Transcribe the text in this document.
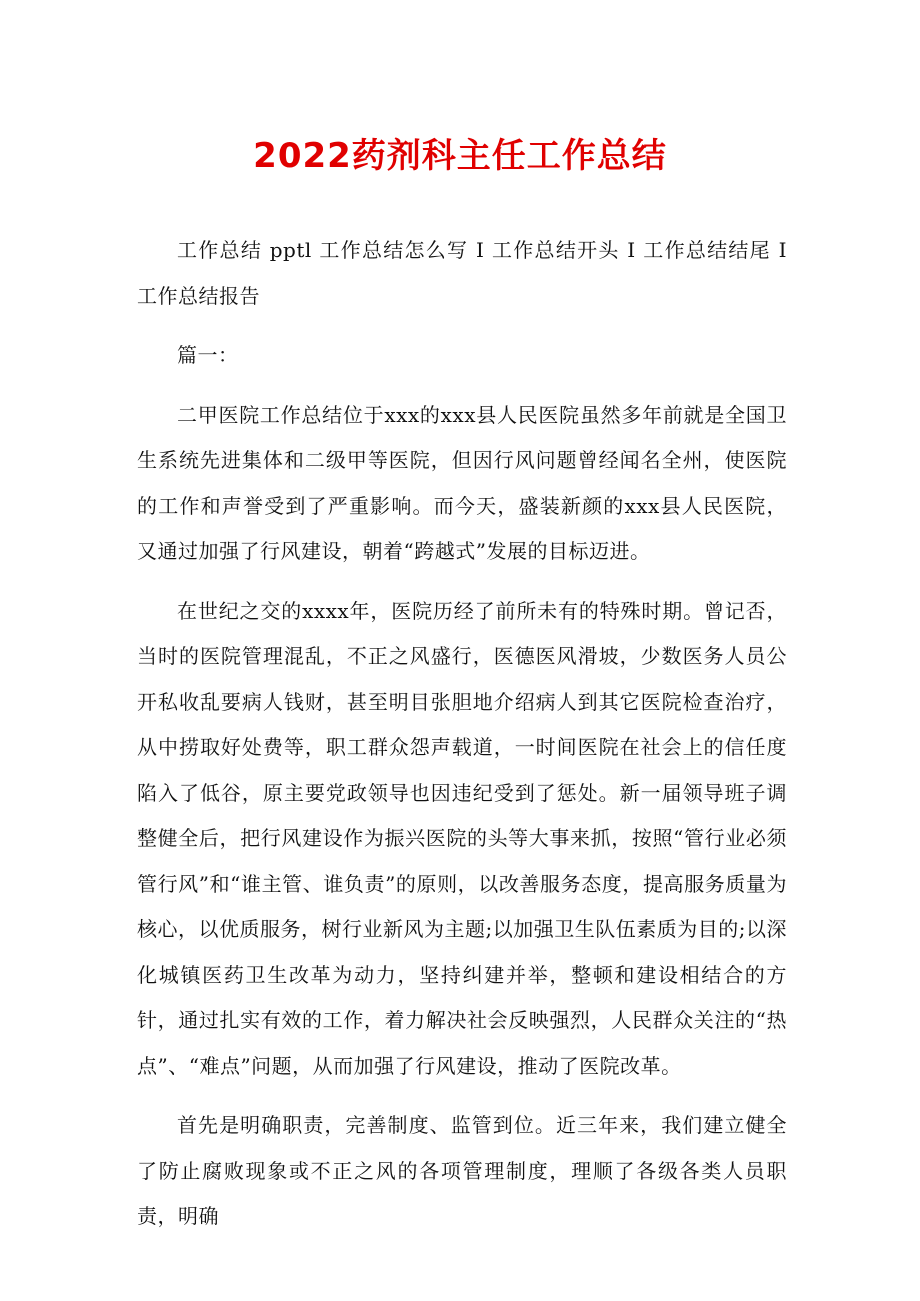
2022药剂科主任工作总结

工作总结 pptl 工作总结怎么写 I 工作总结开头 I 工作总结结尾 I 工作总结报告

篇一：

二甲医院工作总结位于xxx的xxx县人民医院虽然多年前就是全国卫生系统先进集体和二级甲等医院，但因行风问题曾经闻名全州，使医院的工作和声誉受到了严重影响。而今天，盛装新颜的xxx县人民医院，又通过加强了行风建设，朝着“跨越式”发展的目标迈进。

在世纪之交的xxxx年，医院历经了前所未有的特殊时期。曾记否，当时的医院管理混乱，不正之风盛行，医德医风滑坡，少数医务人员公开私收乱要病人钱财，甚至明目张胆地介绍病人到其它医院检查治疗，从中捞取好处费等，职工群众怨声载道，一时间医院在社会上的信任度陷入了低谷，原主要党政领导也因违纪受到了惩处。新一届领导班子调整健全后，把行风建设作为振兴医院的头等大事来抓，按照“管行业必须管行风”和“谁主管、谁负责”的原则，以改善服务态度，提高服务质量为核心，以优质服务，树行业新风为主题;以加强卫生队伍素质为目的;以深化城镇医药卫生改革为动力，坚持纠建并举，整顿和建设相结合的方针，通过扎实有效的工作，着力解决社会反映强烈，人民群众关注的“热点”、“难点”问题，从而加强了行风建设，推动了医院改革。

首先是明确职责，完善制度、监管到位。近三年来，我们建立健全了防止腐败现象或不正之风的各项管理制度，理顺了各级各类人员职责，明确
